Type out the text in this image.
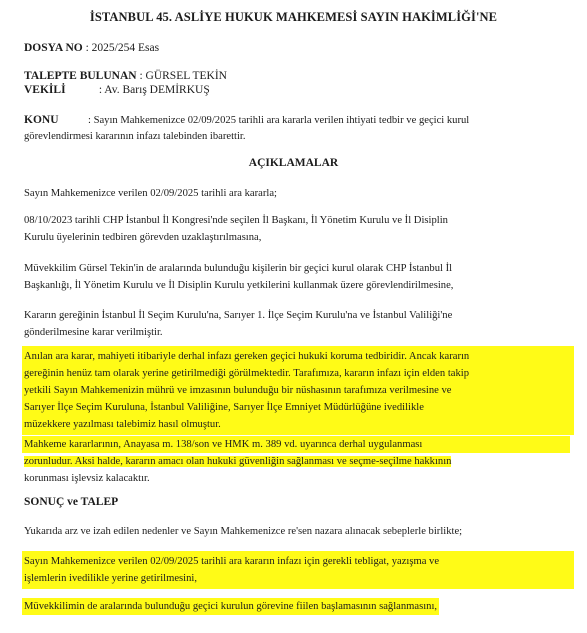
İSTANBUL 45. ASLİYE HUKUK MAHKEMESİ SAYIN HAKİMLİĞİ'NE
DOSYA NO : 2025/254 Esas
TALEPTE BULUNAN : GÜRSEL TEKİN
VEKİLİ	: Av. Barış DEMİRKUŞ
KONU	: Sayın Mahkemenizce 02/09/2025 tarihli ara kararla verilen ihtiyati tedbir ve geçici kurul
görevlendirmesi kararının infazı talebinden ibarettir.
AÇIKLAMALAR
Sayın Mahkemenizce verilen 02/09/2025 tarihli ara kararla;
08/10/2023 tarihli CHP İstanbul İl Kongresi'nde seçilen İl Başkanı, İl Yönetim Kurulu ve İl Disiplin
Kurulu üyelerinin tedbiren görevden uzaklaştırılmasına,
Müvekkilim Gürsel Tekin'in de aralarında bulunduğu kişilerin bir geçici kurul olarak CHP İstanbul İl
Başkanlığı, İl Yönetim Kurulu ve İl Disiplin Kurulu yetkilerini kullanmak üzere görevlendirilmesine,
Kararın gereğinin İstanbul İl Seçim Kurulu'na, Sarıyer 1. İlçe Seçim Kurulu'na ve İstanbul Valiliği'ne
gönderilmesine karar verilmiştir.

Anılan ara karar, mahiyeti itibariyle derhal infazı gereken geçici hukuki koruma tedbiridir. Ancak kararın

gereğinin henüz tam olarak yerine getirilmediği görülmektedir. Tarafımıza, kararın infazı için elden takip

yetkili Sayın Mahkemenizin mührü ve imzasının bulunduğu bir nüshasının tarafımıza verilmesine ve

Sarıyer İlçe Seçim Kuruluna, İstanbul Valiliğine, Sarıyer İlçe Emniyet Müdürlüğüne ivedilikle

müzekkere yazılması talebimiz hasıl olmuştur.

Mahkeme kararlarının, Anayasa m. 138/son ve HMK m. 389 vd. uyarınca derhal uygulanması

zorunludur. Aksi halde, kararın amacı olan hukuki güvenliğin sağlanması ve seçme-seçilme hakkının

korunması işlevsiz kalacaktır.

SONUÇ ve TALEP
Yukarıda arz ve izah edilen nedenler ve Sayın Mahkemenizce re'sen nazara alınacak sebeplerle birlikte;

Sayın Mahkemenizce verilen 02/09/2025 tarihli ara kararın infazı için gerekli tebligat, yazışma ve

işlemlerin ivedilikle yerine getirilmesini,

Müvekkilimin de aralarında bulunduğu geçici kurulun görevine fiilen başlamasının sağlanmasını,
